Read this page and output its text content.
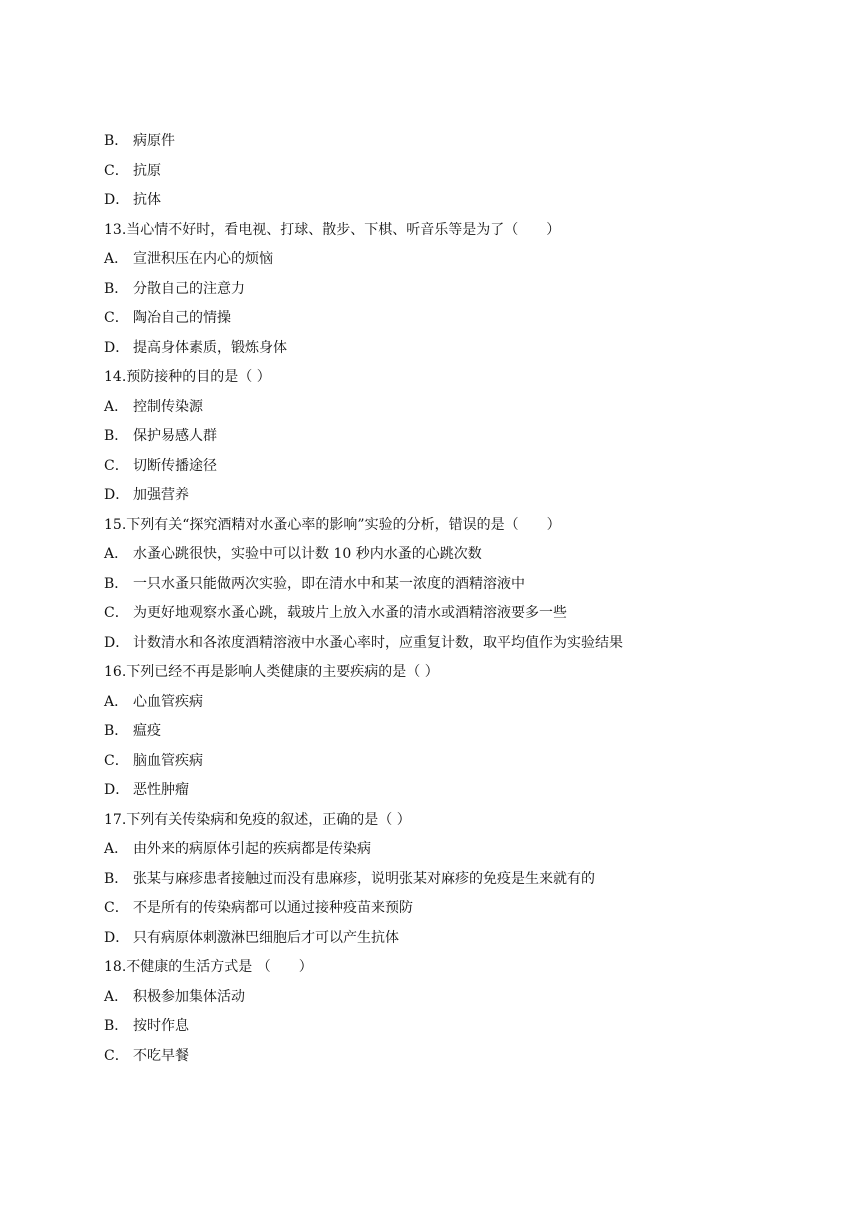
B． 病原件
C． 抗原
D． 抗体
13.当心情不好时，看电视、打球、散步、下棋、听音乐等是为了（　　）
A． 宣泄积压在内心的烦恼
B． 分散自己的注意力
C． 陶冶自己的情操
D． 提高身体素质，锻炼身体
14.预防接种的目的是（ ）
A． 控制传染源
B． 保护易感人群
C． 切断传播途径
D． 加强营养
15.下列有关“探究酒精对水蚤心率的影响”实验的分析，错误的是（　　）
A． 水蚤心跳很快，实验中可以计数 10 秒内水蚤的心跳次数
B． 一只水蚤只能做两次实验，即在清水中和某一浓度的酒精溶液中
C． 为更好地观察水蚤心跳，载玻片上放入水蚤的清水或酒精溶液要多一些
D． 计数清水和各浓度酒精溶液中水蚤心率时，应重复计数，取平均值作为实验结果
16.下列已经不再是影响人类健康的主要疾病的是（ ）
A． 心血管疾病
B． 瘟疫
C． 脑血管疾病
D． 恶性肿瘤
17.下列有关传染病和免疫的叙述，正确的是（ ）
A． 由外来的病原体引起的疾病都是传染病
B． 张某与麻疹患者接触过而没有患麻疹，说明张某对麻疹的免疫是生来就有的
C． 不是所有的传染病都可以通过接种疫苗来预防
D． 只有病原体刺激淋巴细胞后才可以产生抗体
18.不健康的生活方式是 （　　）
A． 积极参加集体活动
B． 按时作息
C． 不吃早餐
